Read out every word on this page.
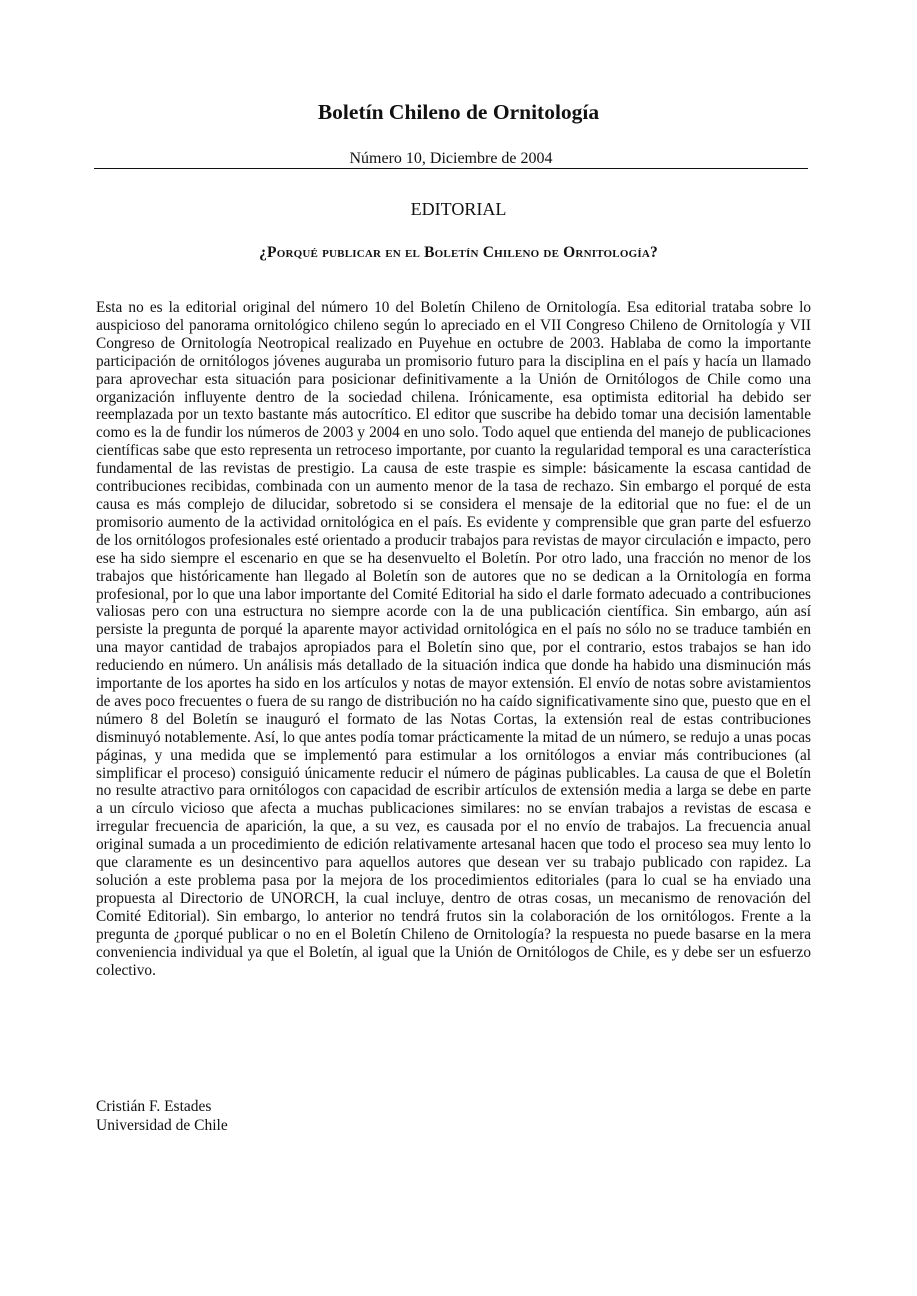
Boletín Chileno de Ornitología
Número 10, Diciembre de 2004
EDITORIAL
¿Porqué publicar en el Boletín Chileno de Ornitología?

Esta no es la editorial original del número 10 del Boletín Chileno de Ornitología. Esa editorial trataba sobre lo auspicioso del panorama ornitológico chileno según lo apreciado en el VII Congreso Chileno de Ornitología y VII Congreso de Ornitología Neotropical realizado en Puyehue en octubre de 2003. Hablaba de como la importante participación de ornitólogos jóvenes auguraba un promisorio futuro para la disciplina en el país y hacía un llamado para aprovechar esta situación para posicionar definitivamente a la Unión de Ornitólogos de Chile como una organización influyente dentro de la sociedad chilena. Irónicamente, esa optimista editorial ha debido ser reemplazada por un texto bastante más autocrítico. El editor que suscribe ha debido tomar una decisión lamentable como es la de fundir los números de 2003 y 2004 en uno solo. Todo aquel que entienda del manejo de publicaciones científicas sabe que esto representa un retroceso importante, por cuanto la regularidad temporal es una característica fundamental de las revistas de prestigio. La causa de este traspie es simple: básicamente la escasa cantidad de contribuciones recibidas, combinada con un aumento menor de la tasa de rechazo. Sin embargo el porqué de esta causa es más complejo de dilucidar, sobretodo si se considera el mensaje de la editorial que no fue: el de un promisorio aumento de la actividad ornitológica en el país. Es evidente y comprensible que gran parte del esfuerzo de los ornitólogos profesionales esté orientado a producir trabajos para revistas de mayor circulación e impacto, pero ese ha sido siempre el escenario en que se ha desenvuelto el Boletín. Por otro lado, una fracción no menor de los trabajos que históricamente han llegado al Boletín son de autores que no se dedican a la Ornitología en forma profesional, por lo que una labor importante del Comité Editorial ha sido el darle formato adecuado a contribuciones valiosas pero con una estructura no siempre acorde con la de una publicación científica. Sin embargo, aún así persiste la pregunta de porqué la aparente mayor actividad ornitológica en el país no sólo no se traduce también en una mayor cantidad de trabajos apropiados para el Boletín sino que, por el contrario, estos trabajos se han ido reduciendo en número. Un análisis más detallado de la situación indica que donde ha habido una disminución más importante de los aportes ha sido en los artículos y notas de mayor extensión. El envío de notas sobre avistamientos de aves poco frecuentes o fuera de su rango de distribución no ha caído significativamente sino que, puesto que en el número 8 del Boletín se inauguró el formato de las Notas Cortas, la extensión real de estas contribuciones disminuyó notablemente. Así, lo que antes podía tomar prácticamente la mitad de un número, se redujo a unas pocas páginas, y una medida que se implementó para estimular a los ornitólogos a enviar más contribuciones (al simplificar el proceso) consiguió únicamente reducir el número de páginas publicables. La causa de que el Boletín no resulte atractivo para ornitólogos con capacidad de escribir artículos de extensión media a larga se debe en parte a un círculo vicioso que afecta a muchas publicaciones similares: no se envían trabajos a revistas de escasa e irregular frecuencia de aparición, la que, a su vez, es causada por el no envío de trabajos. La frecuencia anual original sumada a un procedimiento de edición relativamente artesanal hacen que todo el proceso sea muy lento lo que claramente es un desincentivo para aquellos autores que desean ver su trabajo publicado con rapidez. La solución a este problema pasa por la mejora de los procedimientos editoriales (para lo cual se ha enviado una propuesta al Directorio de UNORCH, la cual incluye, dentro de otras cosas, un mecanismo de renovación del Comité Editorial). Sin embargo, lo anterior no tendrá frutos sin la colaboración de los ornitólogos. Frente a la pregunta de ¿porqué publicar o no en el Boletín Chileno de Ornitología? la respuesta no puede basarse en la mera conveniencia individual ya que el Boletín, al igual que la Unión de Ornitólogos de Chile, es y debe ser un esfuerzo colectivo.

Cristián F. Estades
Universidad de Chile
